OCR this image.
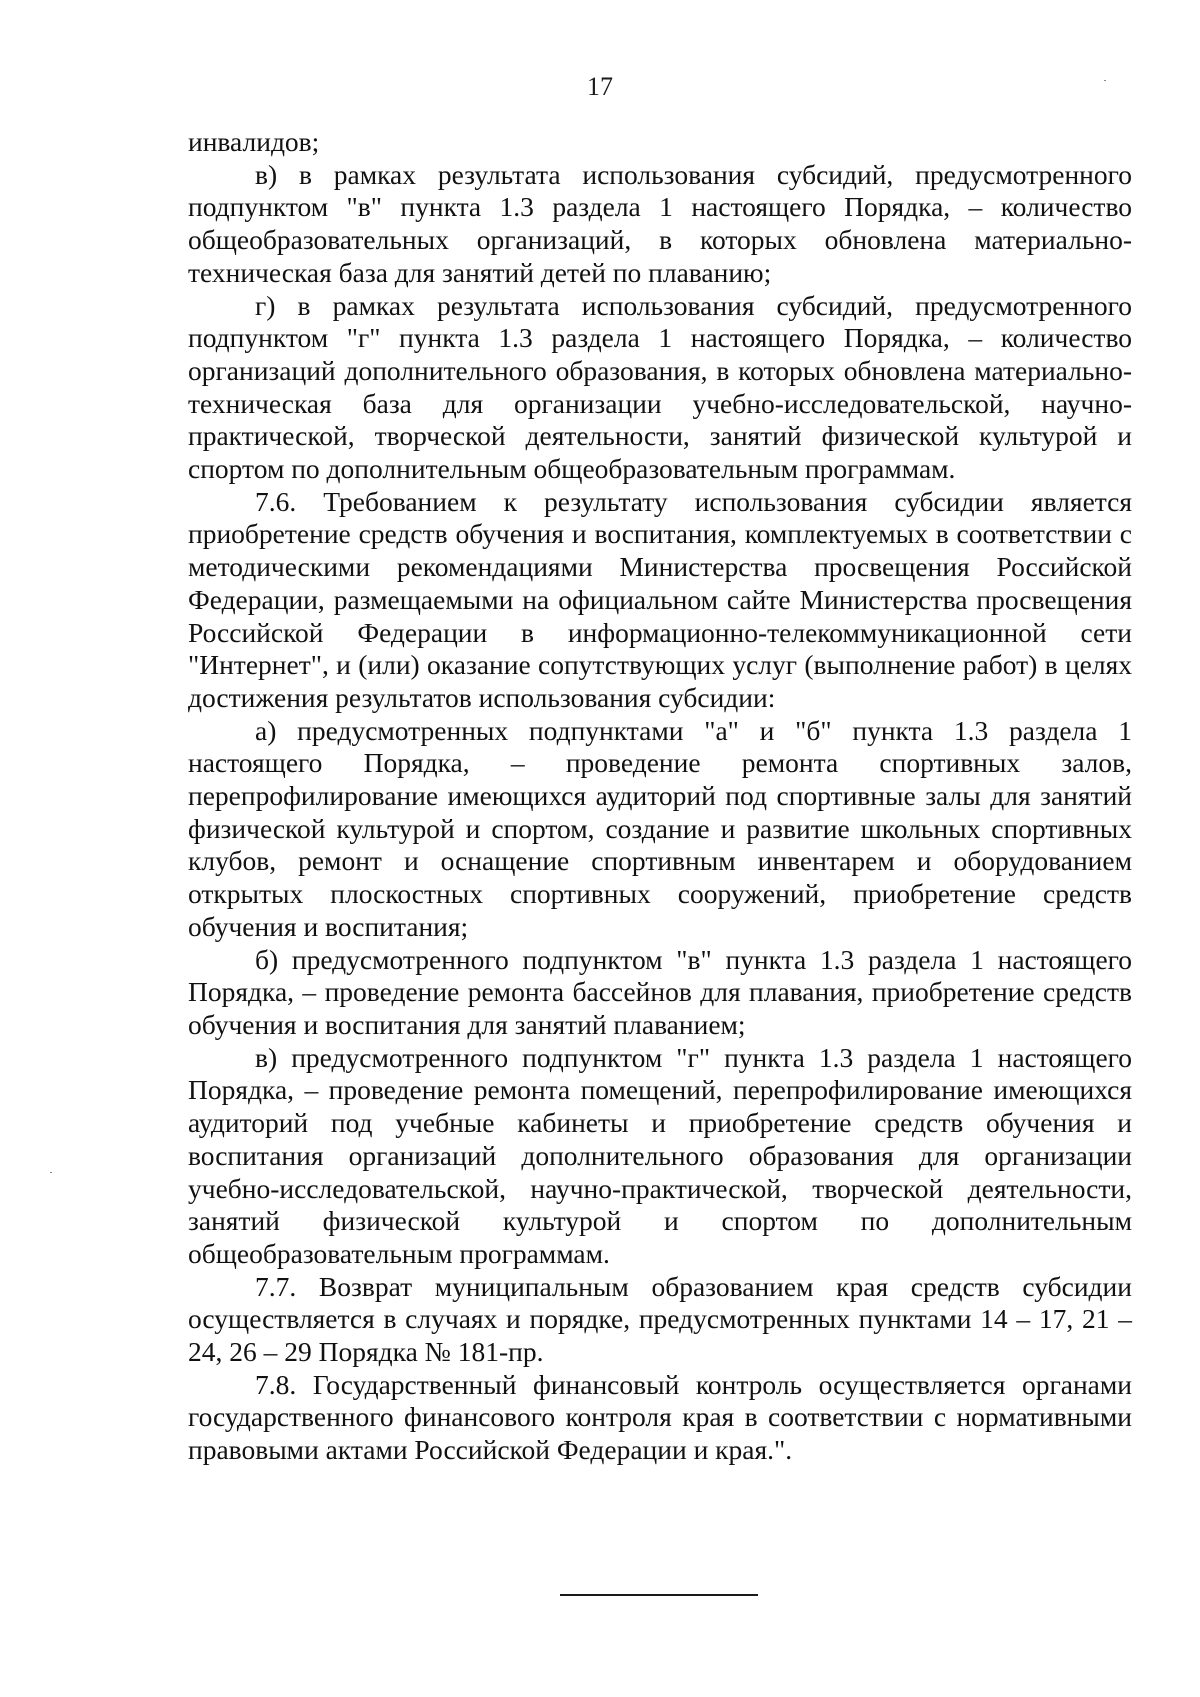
17

инвалидов;

в) в рамках результата использования субсидий, предусмотренного подпунктом "в" пункта 1.3 раздела 1 настоящего Порядка, – количество общеобразовательных организаций, в которых обновлена материально-техническая база для занятий детей по плаванию;

г) в рамках результата использования субсидий, предусмотренного подпунктом "г" пункта 1.3 раздела 1 настоящего Порядка, – количество организаций дополнительного образования, в которых обновлена материально-техническая база для организации учебно-исследовательской, научно-практической, творческой деятельности, занятий физической культурой и спортом по дополнительным общеобразовательным программам.

7.6. Требованием к результату использования субсидии является приобретение средств обучения и воспитания, комплектуемых в соответствии с методическими рекомендациями Министерства просвещения Российской Федерации, размещаемыми на официальном сайте Министерства просвещения Российской Федерации в информационно-телекоммуникационной сети "Интернет", и (или) оказание сопутствующих услуг (выполнение работ) в целях достижения результатов использования субсидии:

а) предусмотренных подпунктами "а" и "б" пункта 1.3 раздела 1 настоящего Порядка, – проведение ремонта спортивных залов, перепрофилирование имеющихся аудиторий под спортивные залы для занятий физической культурой и спортом, создание и развитие школьных спортивных клубов, ремонт и оснащение спортивным инвентарем и оборудованием открытых плоскостных спортивных сооружений, приобретение средств обучения и воспитания;

б) предусмотренного подпунктом "в" пункта 1.3 раздела 1 настоящего Порядка, – проведение ремонта бассейнов для плавания, приобретение средств обучения и воспитания для занятий плаванием;

в) предусмотренного подпунктом "г" пункта 1.3 раздела 1 настоящего Порядка, – проведение ремонта помещений, перепрофилирование имеющихся аудиторий под учебные кабинеты и приобретение средств обучения и воспитания организаций дополнительного образования для организации учебно-исследовательской, научно-практической, творческой деятельности, занятий физической культурой и спортом по дополнительным общеобразовательным программам.

7.7. Возврат муниципальным образованием края средств субсидии осуществляется в случаях и порядке, предусмотренных пунктами 14 – 17, 21 – 24, 26 – 29 Порядка № 181-пр.

7.8. Государственный финансовый контроль осуществляется органами государственного финансового контроля края в соответствии с нормативными правовыми актами Российской Федерации и края.".
